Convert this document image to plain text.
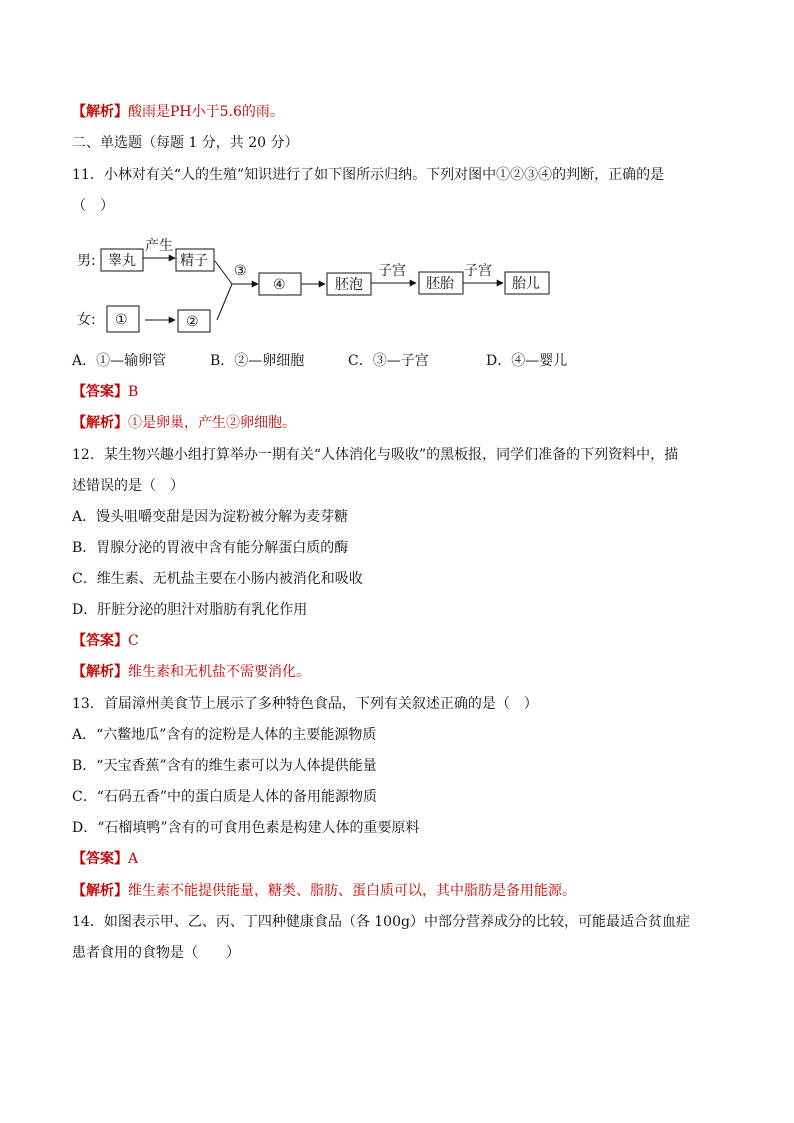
【解析】酸雨是PH小于5.6的雨。
二、单选题（每题 1 分，共 20 分）
11．小林对有关“人的生殖”知识进行了如下图所示归纳。下列对图中①②③④的判断，正确的是
（　）
男:
女:
睾丸
产生
精子
①	②
③
④	胚泡
子宫
胚胎
子宫
胎儿
A．①—输卵管	B．②—卵细胞	C．③—子宫	D．④—婴儿
【答案】B
【解析】①是卵巢，产生②卵细胞。
12．某生物兴趣小组打算举办一期有关“人体消化与吸收”的黑板报，同学们准备的下列资料中，描
述错误的是（　）
A．馒头咀嚼变甜是因为淀粉被分解为麦芽糖
B．胃腺分泌的胃液中含有能分解蛋白质的酶
C．维生素、无机盐主要在小肠内被消化和吸收
D．肝脏分泌的胆汁对脂肪有乳化作用
【答案】C
【解析】维生素和无机盐不需要消化。
13．首届漳州美食节上展示了多种特色食品，下列有关叙述正确的是（　）
A．“六鳖地瓜”含有的淀粉是人体的主要能源物质
B．“天宝香蕉”含有的维生素可以为人体提供能量
C．“石码五香”中的蛋白质是人体的备用能源物质
D．“石榴填鸭”含有的可食用色素是构建人体的重要原料
【答案】A
【解析】维生素不能提供能量，糖类、脂肪、蛋白质可以，其中脂肪是备用能源。
14．如图表示甲、乙、丙、丁四种健康食品（各 100g）中部分营养成分的比较，可能最适合贫血症
患者食用的食物是（　　）
